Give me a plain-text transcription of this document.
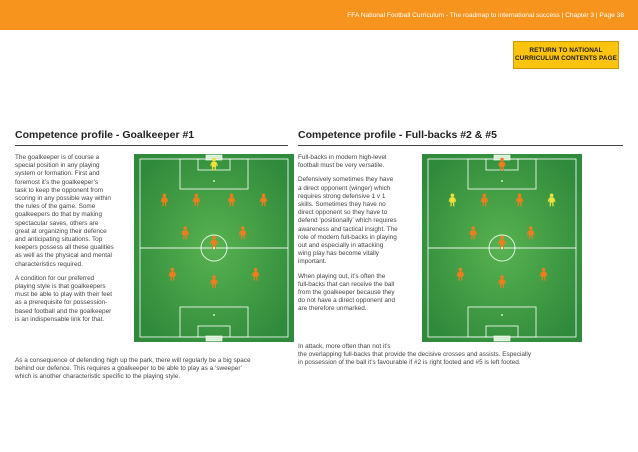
FFA National Football Curriculum - The roadmap to international success | Chapter 3 | Page 38
RETURN TO NATIONAL
CURRICULUM CONTENTS PAGE
Competence profile - Goalkeeper #1

The goalkeeper is of course a
special position in any playing
system or formation. First and
foremost it’s the goalkeeper’s
task to keep the opponent from
scoring in any possible way within
the rules of the game. Some
goalkeepers do that by making
spectacular saves, others are
great at organizing their defence
and anticipating situations. Top
keepers possess all these qualities
as well as the physical and mental
characteristics required.

A condition for our preferred
playing style is that goalkeepers
must be able to play with their feet
as a prerequisite for possession-
based football and the goalkeeper
is an indispensable link for that.

As a consequence of defending high up the park, there will regularly be a big space
behind our defence. This requires a goalkeeper to be able to play as a ‘sweeper’
which is another characteristic specific to the playing style.
Competence profile - Full-backs #2 & #5

Full-backs in modern high-level
football must be very versatile.

Defensively sometimes they have
a direct opponent (winger) which
requires strong defensive 1 v 1
skills. Sometimes they have no
direct opponent so they have to
defend ‘positionally’ which requires
awareness and tactical insight. The
role of modern full-backs in playing
out and especially in attacking
wing play has become vitally
important.

When playing out, it’s often the
full-backs that can receive the ball
from the goalkeeper because they
do not have a direct opponent and
are therefore unmarked.

In attack, more often than not it’s
the overlapping full-backs that provide the decisive crosses and assists. Especially
in possession of the ball it’s favourable if #2 is right footed and #5 is left footed.
